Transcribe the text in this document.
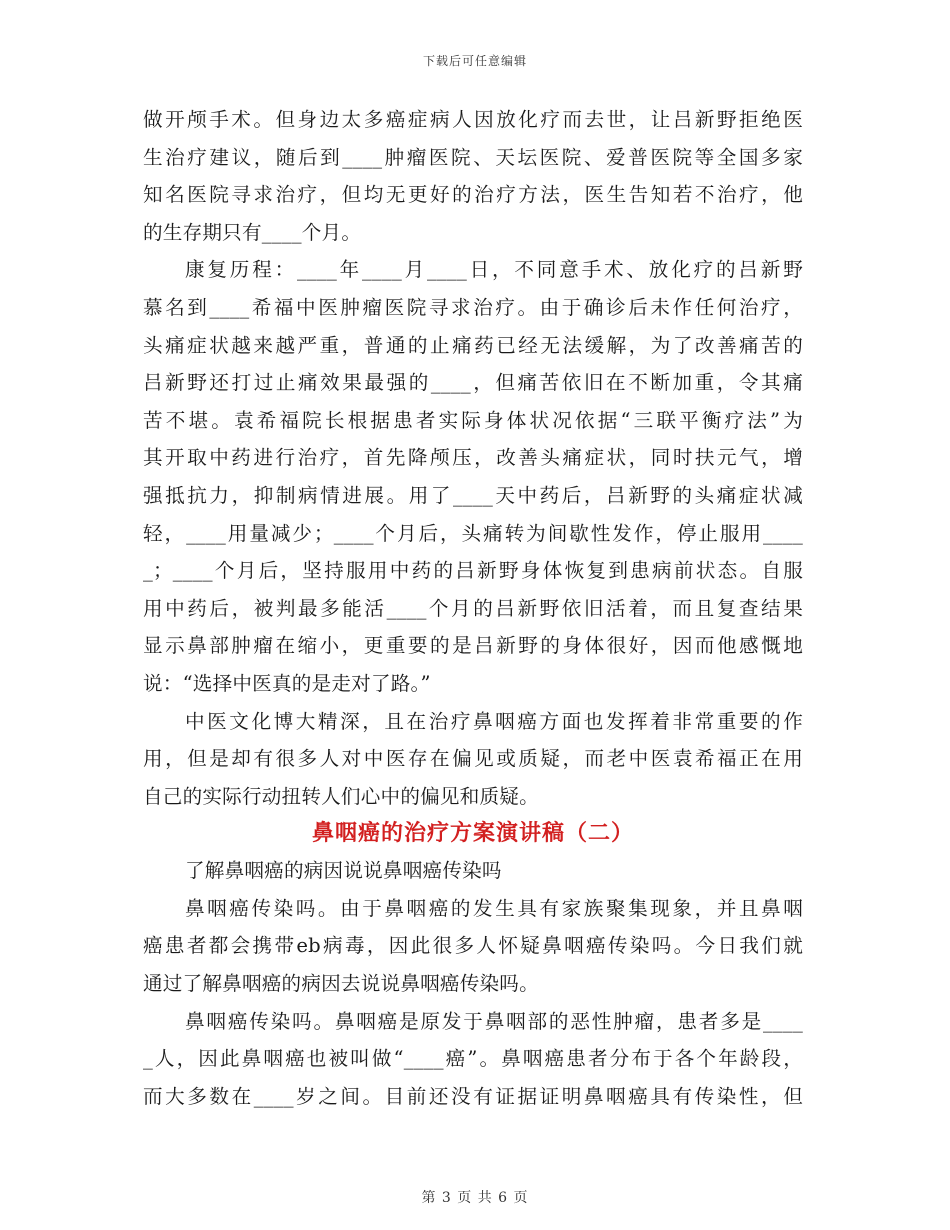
下载后可任意编辑
做开颅手术。但身边太多癌症病人因放化疗而去世，让吕新野拒绝医
生治疗建议，随后到____肿瘤医院、天坛医院、爱普医院等全国多家
知名医院寻求治疗，但均无更好的治疗方法，医生告知若不治疗，他
的生存期只有____个月。
康复历程：____年____月____日，不同意手术、放化疗的吕新野
慕名到____希福中医肿瘤医院寻求治疗。由于确诊后未作任何治疗，
头痛症状越来越严重，普通的止痛药已经无法缓解，为了改善痛苦的
吕新野还打过止痛效果最强的____，但痛苦依旧在不断加重，令其痛
苦不堪。袁希福院长根据患者实际身体状况依据“三联平衡疗法”为
其开取中药进行治疗，首先降颅压，改善头痛症状，同时扶元气，增
强抵抗力，抑制病情进展。用了____天中药后，吕新野的头痛症状减
轻，____用量减少；____个月后，头痛转为间歇性发作，停止服用____
_；____个月后，坚持服用中药的吕新野身体恢复到患病前状态。自服
用中药后，被判最多能活____个月的吕新野依旧活着，而且复查结果
显示鼻部肿瘤在缩小，更重要的是吕新野的身体很好，因而他感慨地
说：“选择中医真的是走对了路。”
中医文化博大精深，且在治疗鼻咽癌方面也发挥着非常重要的作
用，但是却有很多人对中医存在偏见或质疑，而老中医袁希福正在用
自己的实际行动扭转人们心中的偏见和质疑。
鼻咽癌的治疗方案演讲稿（二）
了解鼻咽癌的病因说说鼻咽癌传染吗
鼻咽癌传染吗。由于鼻咽癌的发生具有家族聚集现象，并且鼻咽
癌患者都会携带eb病毒，因此很多人怀疑鼻咽癌传染吗。今日我们就
通过了解鼻咽癌的病因去说说鼻咽癌传染吗。
鼻咽癌传染吗。鼻咽癌是原发于鼻咽部的恶性肿瘤，患者多是____
_人，因此鼻咽癌也被叫做“____癌”。鼻咽癌患者分布于各个年龄段，
而大多数在____岁之间。目前还没有证据证明鼻咽癌具有传染性，但
第 3 页 共 6 页
